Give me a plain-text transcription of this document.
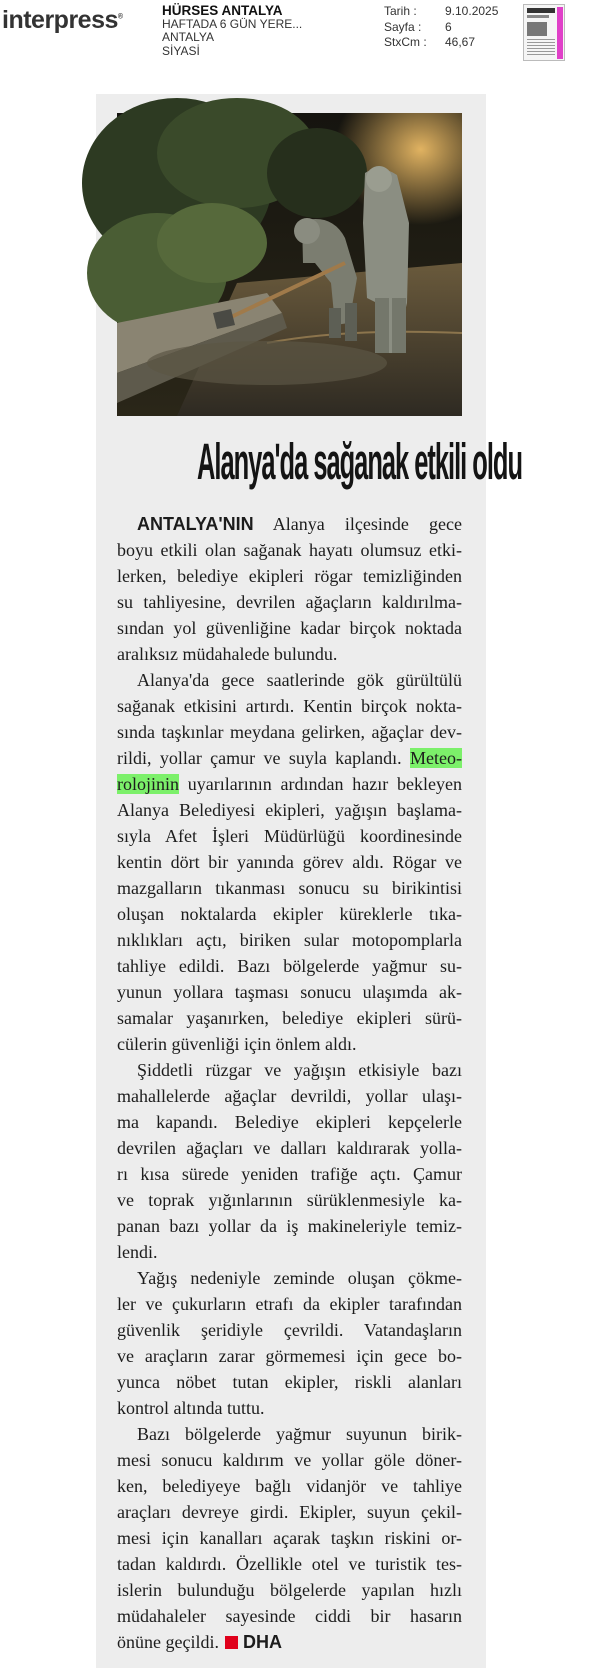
interpress®	HÜRSES ANTALYA
HAFTADA 6 GÜN YERE...
ANTALYA
SİYASİ
Tarih :	9.10.2025
Sayfa :	6
StxCm :	46,67
Alanya'da sağanak etkili oldu
ANTALYA'NIN Alanya ilçesinde gece
boyu etkili olan sağanak hayatı olumsuz etki-
lerken, belediye ekipleri rögar temizliğinden
su tahliyesine, devrilen ağaçların kaldırılma-
sından yol güvenliğine kadar birçok noktada
aralıksız müdahalede bulundu.
Alanya'da gece saatlerinde gök gürültülü
sağanak etkisini artırdı. Kentin birçok nokta-
sında taşkınlar meydana gelirken, ağaçlar dev-
rildi, yollar çamur ve suyla kaplandı. Meteo-
rolojinin uyarılarının ardından hazır bekleyen
Alanya Belediyesi ekipleri, yağışın başlama-
sıyla Afet İşleri Müdürlüğü koordinesinde
kentin dört bir yanında görev aldı. Rögar ve
mazgalların tıkanması sonucu su birikintisi
oluşan noktalarda ekipler küreklerle tıka-
nıklıkları açtı, biriken sular motopomplarla
tahliye edildi. Bazı bölgelerde yağmur su-
yunun yollara taşması sonucu ulaşımda ak-
samalar yaşanırken, belediye ekipleri sürü-
cülerin güvenliği için önlem aldı.
Şiddetli rüzgar ve yağışın etkisiyle bazı
mahallelerde ağaçlar devrildi, yollar ulaşı-
ma kapandı. Belediye ekipleri kepçelerle
devrilen ağaçları ve dalları kaldırarak yolla-
rı kısa sürede yeniden trafiğe açtı. Çamur
ve toprak yığınlarının sürüklenmesiyle ka-
panan bazı yollar da iş makineleriyle temiz-
lendi.
Yağış nedeniyle zeminde oluşan çökme-
ler ve çukurların etrafı da ekipler tarafından
güvenlik şeridiyle çevrildi. Vatandaşların
ve araçların zarar görmemesi için gece bo-
yunca nöbet tutan ekipler, riskli alanları
kontrol altında tuttu.
Bazı bölgelerde yağmur suyunun birik-
mesi sonucu kaldırım ve yollar göle döner-
ken, belediyeye bağlı vidanjör ve tahliye
araçları devreye girdi. Ekipler, suyun çekil-
mesi için kanalları açarak taşkın riskini or-
tadan kaldırdı. Özellikle otel ve turistik tes-
islerin bulunduğu bölgelerde yapılan hızlı
müdahaleler sayesinde ciddi bir hasarın
önüne geçildi. DHA
